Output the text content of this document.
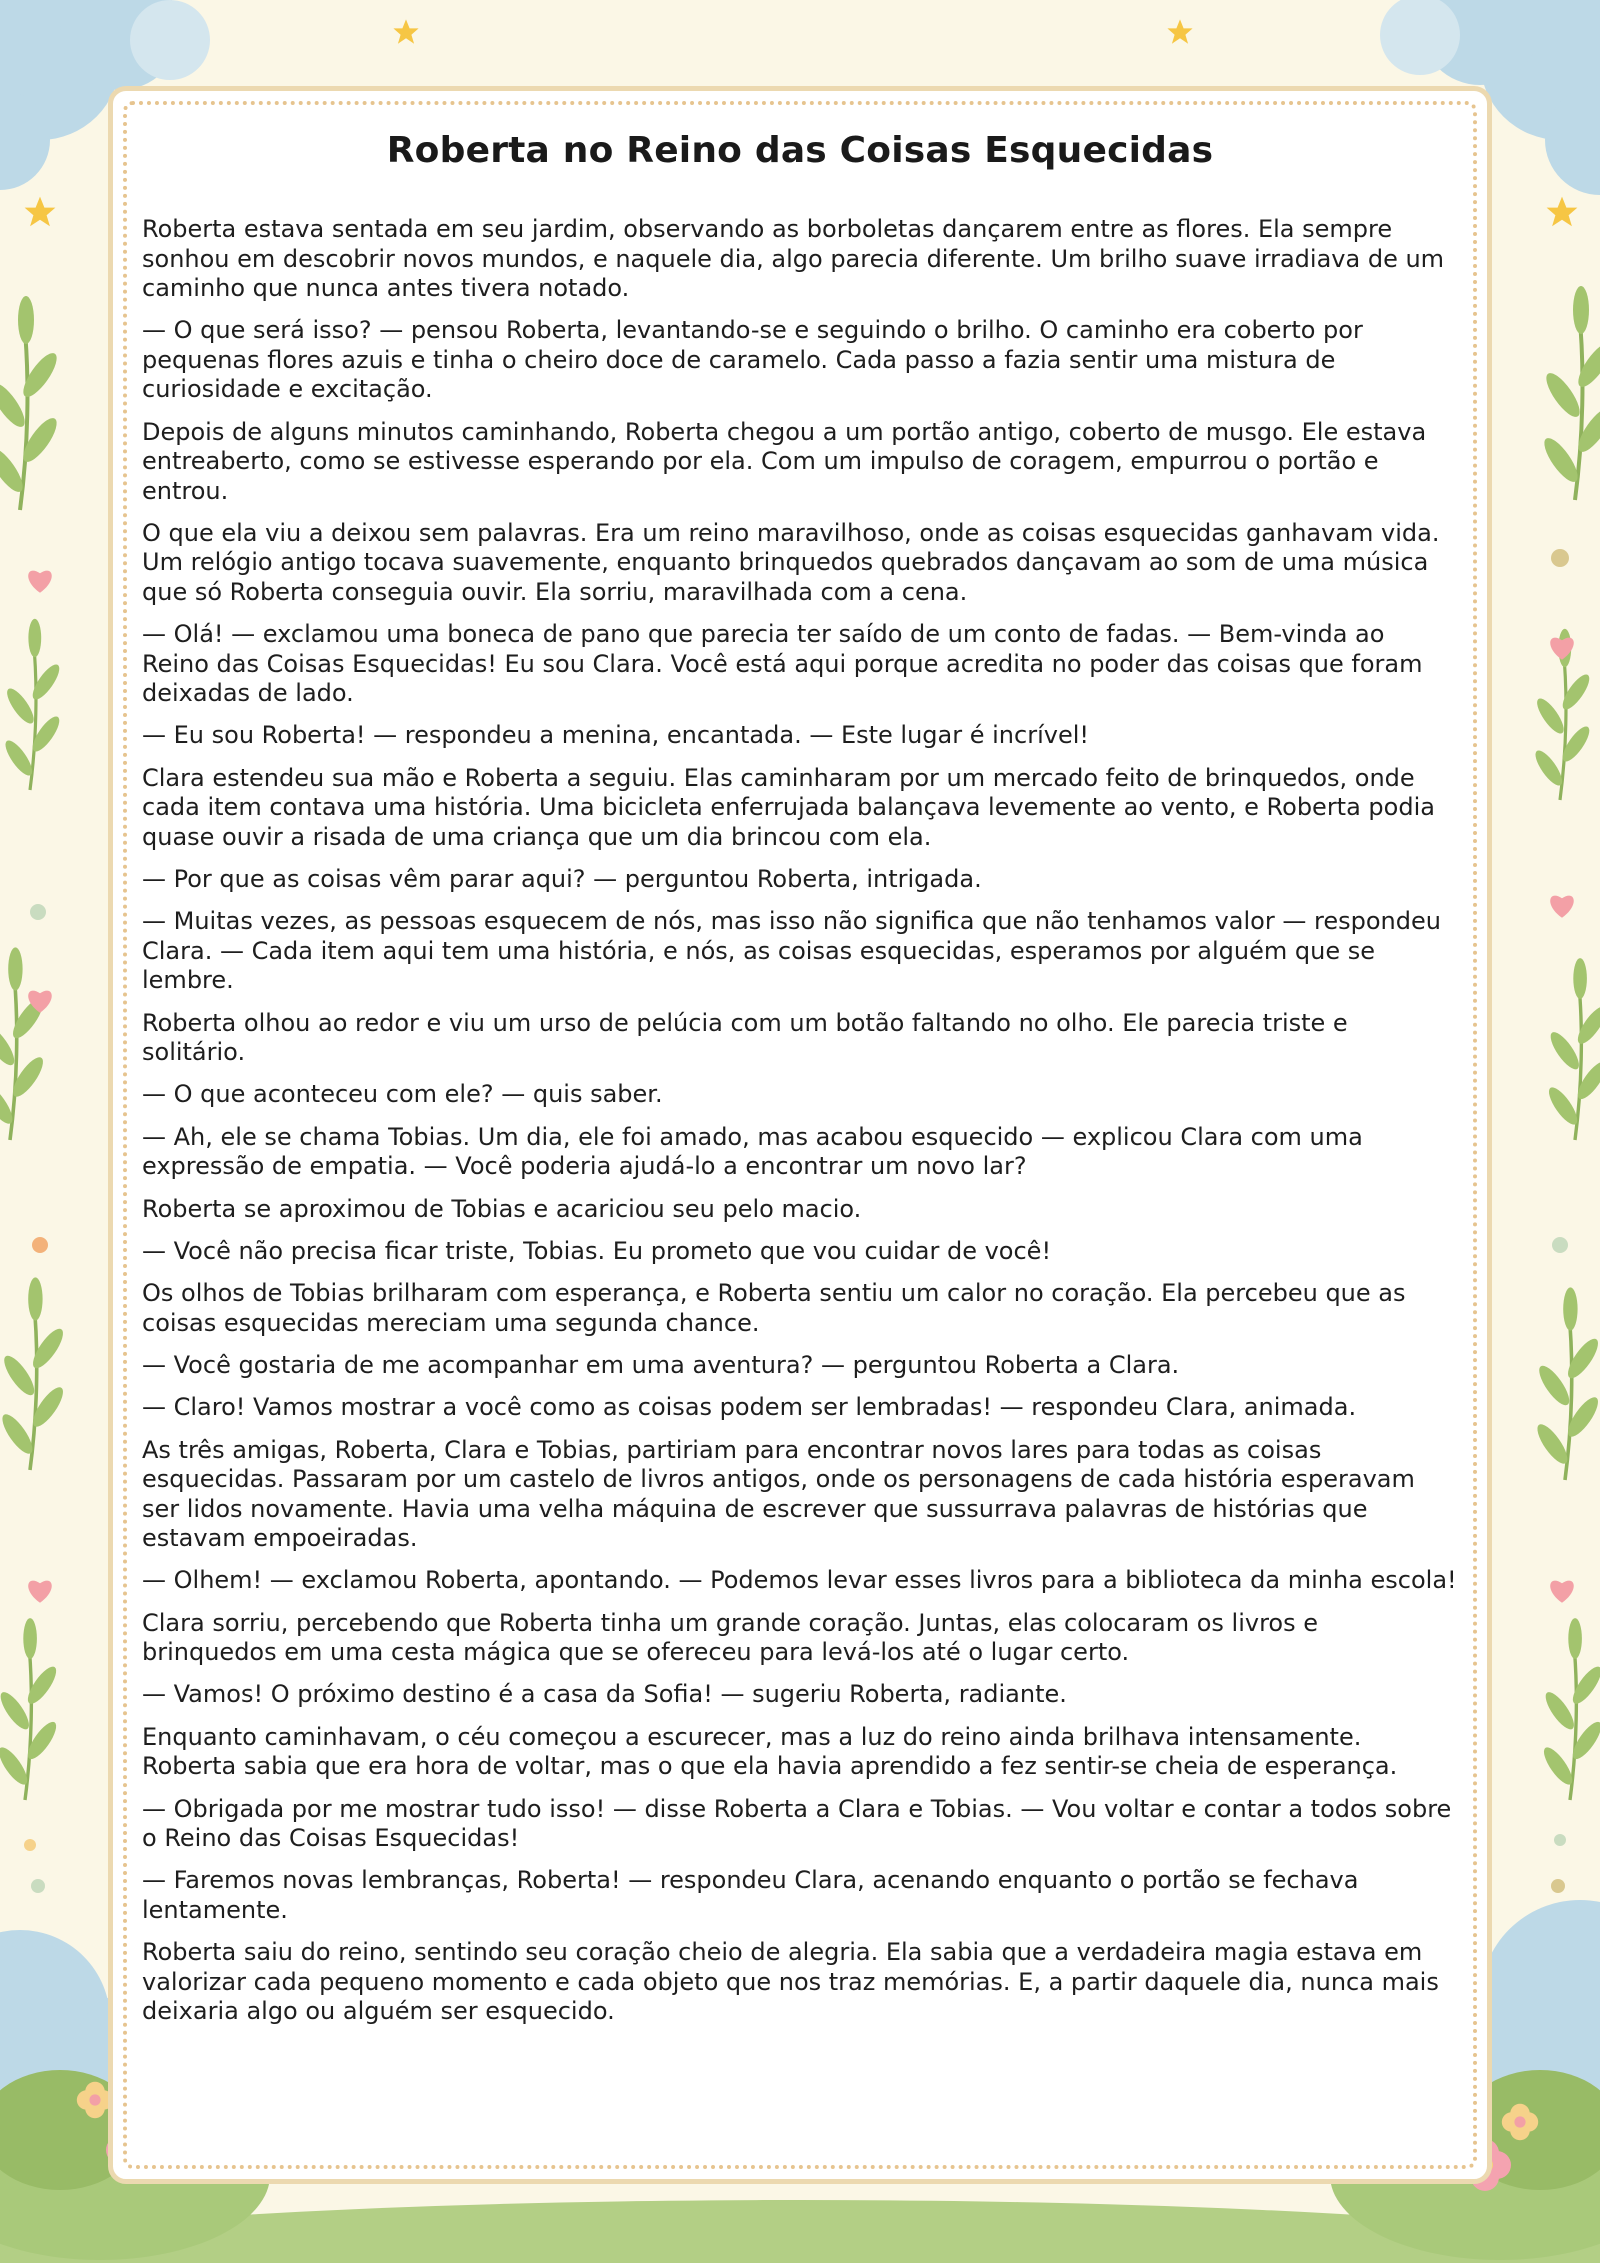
Roberta no Reino das Coisas Esquecidas

Roberta estava sentada em seu jardim, observando as borboletas dançarem entre as flores. Ela sempre sonhou em descobrir novos mundos, e naquele dia, algo parecia diferente. Um brilho suave irradiava de um caminho que nunca antes tivera notado.

— O que será isso? — pensou Roberta, levantando-se e seguindo o brilho. O caminho era coberto por pequenas flores azuis e tinha o cheiro doce de caramelo. Cada passo a fazia sentir uma mistura de curiosidade e excitação.

Depois de alguns minutos caminhando, Roberta chegou a um portão antigo, coberto de musgo. Ele estava entreaberto, como se estivesse esperando por ela. Com um impulso de coragem, empurrou o portão e entrou.

O que ela viu a deixou sem palavras. Era um reino maravilhoso, onde as coisas esquecidas ganhavam vida. Um relógio antigo tocava suavemente, enquanto brinquedos quebrados dançavam ao som de uma música que só Roberta conseguia ouvir. Ela sorriu, maravilhada com a cena.

— Olá! — exclamou uma boneca de pano que parecia ter saído de um conto de fadas. — Bem-vinda ao Reino das Coisas Esquecidas! Eu sou Clara. Você está aqui porque acredita no poder das coisas que foram deixadas de lado.

— Eu sou Roberta! — respondeu a menina, encantada. — Este lugar é incrível!

Clara estendeu sua mão e Roberta a seguiu. Elas caminharam por um mercado feito de brinquedos, onde cada item contava uma história. Uma bicicleta enferrujada balançava levemente ao vento, e Roberta podia quase ouvir a risada de uma criança que um dia brincou com ela.

— Por que as coisas vêm parar aqui? — perguntou Roberta, intrigada.

— Muitas vezes, as pessoas esquecem de nós, mas isso não significa que não tenhamos valor — respondeu Clara. — Cada item aqui tem uma história, e nós, as coisas esquecidas, esperamos por alguém que se lembre.

Roberta olhou ao redor e viu um urso de pelúcia com um botão faltando no olho. Ele parecia triste e solitário.

— O que aconteceu com ele? — quis saber.

— Ah, ele se chama Tobias. Um dia, ele foi amado, mas acabou esquecido — explicou Clara com uma expressão de empatia. — Você poderia ajudá-lo a encontrar um novo lar?

Roberta se aproximou de Tobias e acariciou seu pelo macio.

— Você não precisa ficar triste, Tobias. Eu prometo que vou cuidar de você!

Os olhos de Tobias brilharam com esperança, e Roberta sentiu um calor no coração. Ela percebeu que as coisas esquecidas mereciam uma segunda chance.

— Você gostaria de me acompanhar em uma aventura? — perguntou Roberta a Clara.

— Claro! Vamos mostrar a você como as coisas podem ser lembradas! — respondeu Clara, animada.

As três amigas, Roberta, Clara e Tobias, partiriam para encontrar novos lares para todas as coisas esquecidas. Passaram por um castelo de livros antigos, onde os personagens de cada história esperavam ser lidos novamente. Havia uma velha máquina de escrever que sussurrava palavras de histórias que estavam empoeiradas.

— Olhem! — exclamou Roberta, apontando. — Podemos levar esses livros para a biblioteca da minha escola!

Clara sorriu, percebendo que Roberta tinha um grande coração. Juntas, elas colocaram os livros e brinquedos em uma cesta mágica que se ofereceu para levá-los até o lugar certo.

— Vamos! O próximo destino é a casa da Sofia! — sugeriu Roberta, radiante.

Enquanto caminhavam, o céu começou a escurecer, mas a luz do reino ainda brilhava intensamente. Roberta sabia que era hora de voltar, mas o que ela havia aprendido a fez sentir-se cheia de esperança.

— Obrigada por me mostrar tudo isso! — disse Roberta a Clara e Tobias. — Vou voltar e contar a todos sobre o Reino das Coisas Esquecidas!

— Faremos novas lembranças, Roberta! — respondeu Clara, acenando enquanto o portão se fechava lentamente.

Roberta saiu do reino, sentindo seu coração cheio de alegria. Ela sabia que a verdadeira magia estava em valorizar cada pequeno momento e cada objeto que nos traz memórias. E, a partir daquele dia, nunca mais deixaria algo ou alguém ser esquecido.
